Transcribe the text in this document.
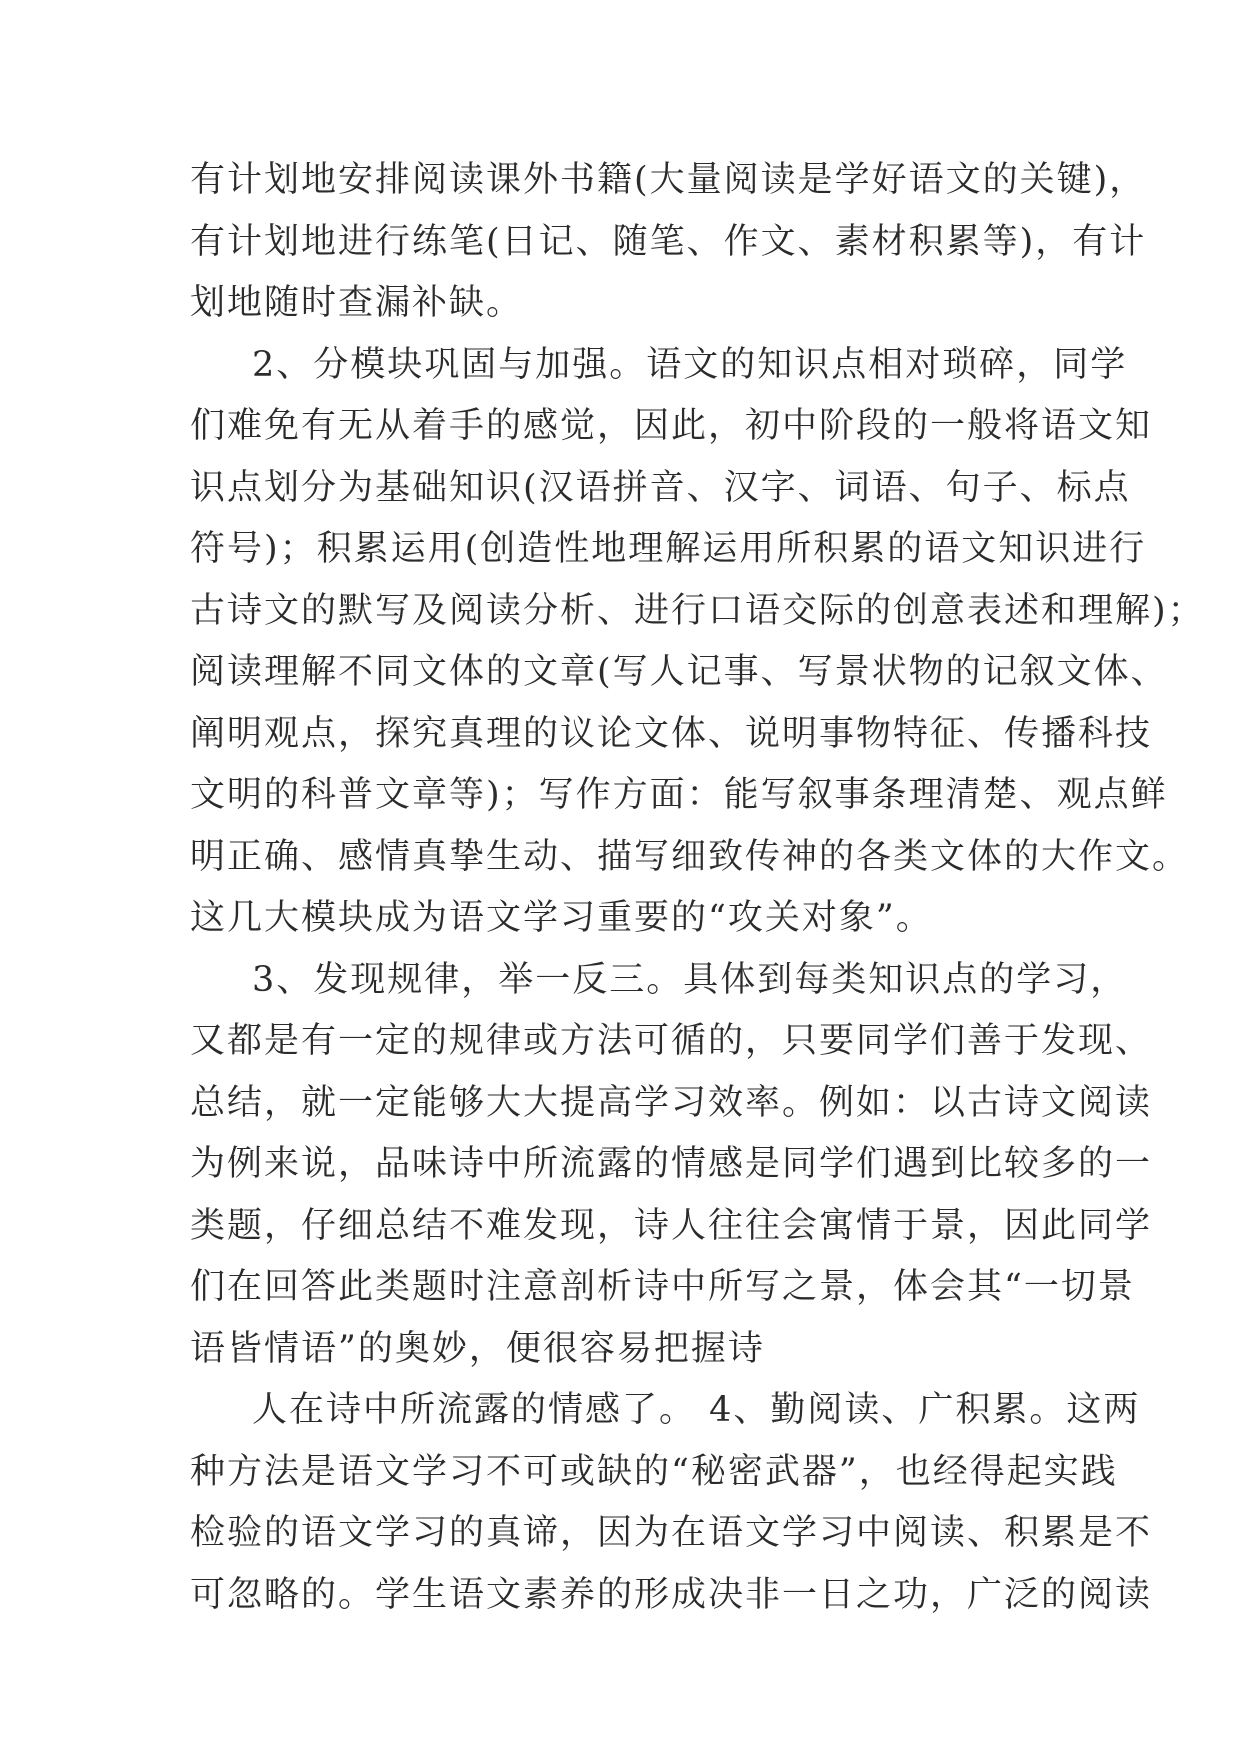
有计划地安排阅读课外书籍(大量阅读是学好语文的关键)，
有计划地进行练笔(日记、随笔、作文、素材积累等)，有计
划地随时查漏补缺。
2、分模块巩固与加强。语文的知识点相对琐碎，同学
们难免有无从着手的感觉，因此，初中阶段的一般将语文知
识点划分为基础知识(汉语拼音、汉字、词语、句子、标点
符号)；积累运用(创造性地理解运用所积累的语文知识进行
古诗文的默写及阅读分析、进行口语交际的创意表述和理解)；
阅读理解不同文体的文章(写人记事、写景状物的记叙文体、
阐明观点，探究真理的议论文体、说明事物特征、传播科技
文明的科普文章等)；写作方面：能写叙事条理清楚、观点鲜
明正确、感情真挚生动、描写细致传神的各类文体的大作文。
这几大模块成为语文学习重要的“攻关对象”。
3、发现规律，举一反三。具体到每类知识点的学习，
又都是有一定的规律或方法可循的，只要同学们善于发现、
总结，就一定能够大大提高学习效率。例如：以古诗文阅读
为例来说，品味诗中所流露的情感是同学们遇到比较多的一
类题，仔细总结不难发现，诗人往往会寓情于景，因此同学
们在回答此类题时注意剖析诗中所写之景，体会其“一切景
语皆情语”的奥妙，便很容易把握诗
人在诗中所流露的情感了。 4、勤阅读、广积累。这两
种方法是语文学习不可或缺的“秘密武器”，也经得起实践
检验的语文学习的真谛，因为在语文学习中阅读、积累是不
可忽略的。学生语文素养的形成决非一日之功，广泛的阅读
